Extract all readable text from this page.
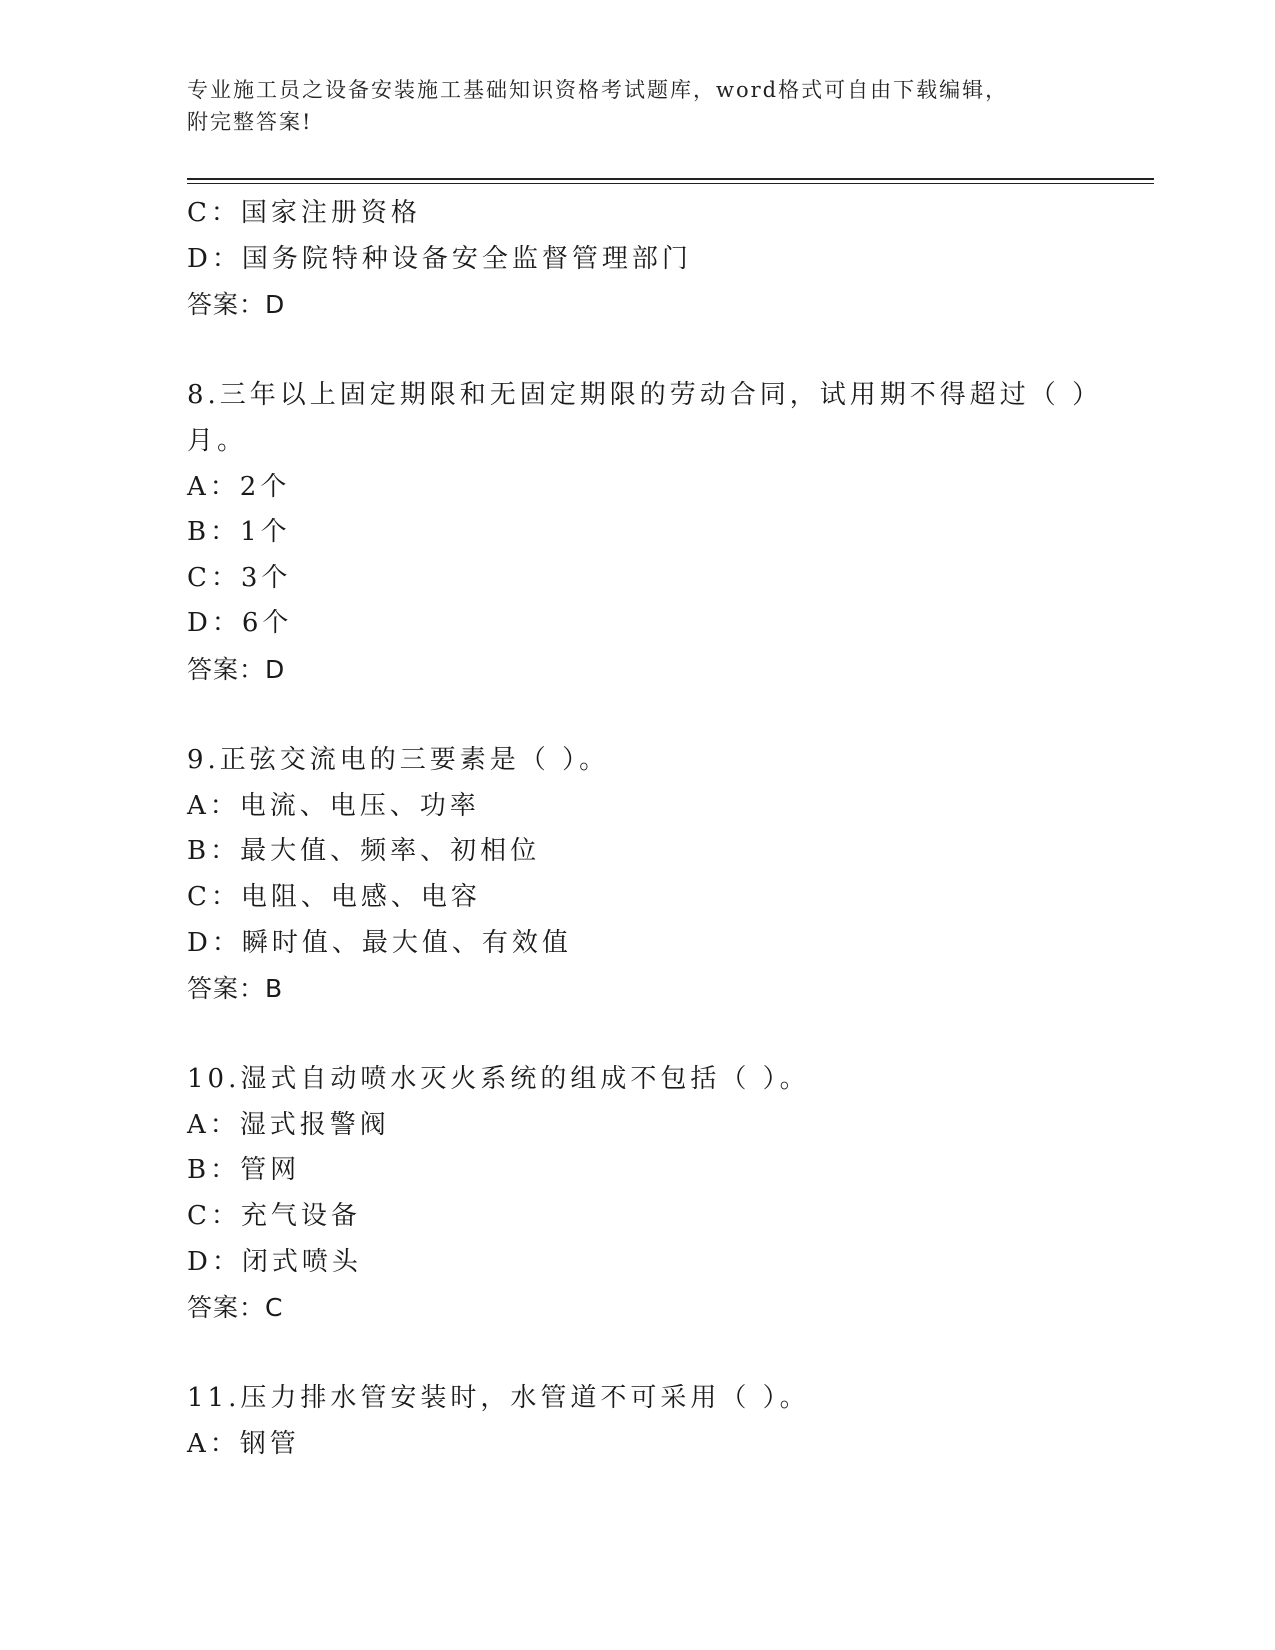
专业施工员之设备安装施工基础知识资格考试题库，word格式可自由下载编辑，
附完整答案!
C：国家注册资格
D：国务院特种设备安全监督管理部门
答案：D
8.三年以上固定期限和无固定期限的劳动合同，试用期不得超过（ ）
月。
A：2个
B：1个
C：3个
D：6个
答案：D
9.正弦交流电的三要素是（ ）。
A：电流、电压、功率
B：最大值、频率、初相位
C：电阻、电感、电容
D：瞬时值、最大值、有效值
答案：B
10.湿式自动喷水灭火系统的组成不包括（ ）。
A：湿式报警阀
B：管网
C：充气设备
D：闭式喷头
答案：C
11.压力排水管安装时，水管道不可采用（ ）。
A：钢管
